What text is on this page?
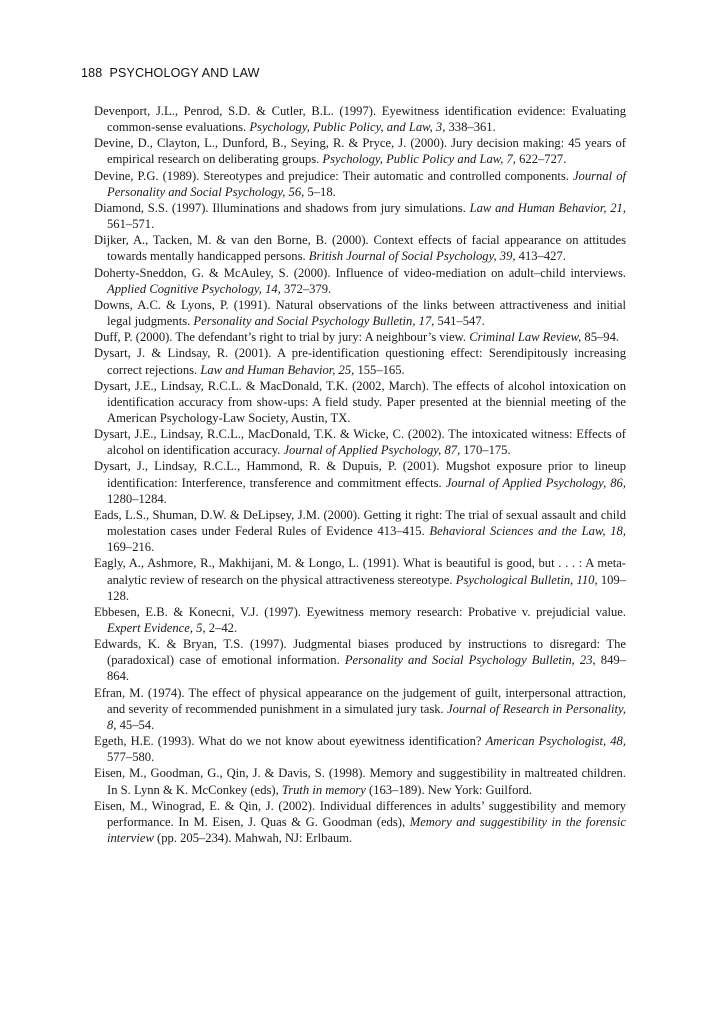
188 PSYCHOLOGY AND LAW
Devenport, J.L., Penrod, S.D. & Cutler, B.L. (1997). Eyewitness identification evidence: Evaluating common-sense evaluations. Psychology, Public Policy, and Law, 3, 338–361.
Devine, D., Clayton, L., Dunford, B., Seying, R. & Pryce, J. (2000). Jury decision making: 45 years of empirical research on deliberating groups. Psychology, Public Policy and Law, 7, 622–727.
Devine, P.G. (1989). Stereotypes and prejudice: Their automatic and controlled components. Journal of Personality and Social Psychology, 56, 5–18.
Diamond, S.S. (1997). Illuminations and shadows from jury simulations. Law and Human Behavior, 21, 561–571.
Dijker, A., Tacken, M. & van den Borne, B. (2000). Context effects of facial appearance on attitudes towards mentally handicapped persons. British Journal of Social Psychology, 39, 413–427.
Doherty-Sneddon, G. & McAuley, S. (2000). Influence of video-mediation on adult–child interviews. Applied Cognitive Psychology, 14, 372–379.
Downs, A.C. & Lyons, P. (1991). Natural observations of the links between attractiveness and initial legal judgments. Personality and Social Psychology Bulletin, 17, 541–547.
Duff, P. (2000). The defendant’s right to trial by jury: A neighbour’s view. Criminal Law Review, 85–94.
Dysart, J. & Lindsay, R. (2001). A pre-identification questioning effect: Serendipitously increasing correct rejections. Law and Human Behavior, 25, 155–165.
Dysart, J.E., Lindsay, R.C.L. & MacDonald, T.K. (2002, March). The effects of alcohol intoxication on identification accuracy from show-ups: A field study. Paper presented at the biennial meeting of the American Psychology-Law Society, Austin, TX.
Dysart, J.E., Lindsay, R.C.L., MacDonald, T.K. & Wicke, C. (2002). The intoxicated witness: Effects of alcohol on identification accuracy. Journal of Applied Psychology, 87, 170–175.
Dysart, J., Lindsay, R.C.L., Hammond, R. & Dupuis, P. (2001). Mugshot exposure prior to lineup identification: Interference, transference and commitment effects. Journal of Applied Psychology, 86, 1280–1284.
Eads, L.S., Shuman, D.W. & DeLipsey, J.M. (2000). Getting it right: The trial of sexual assault and child molestation cases under Federal Rules of Evidence 413–415. Behavioral Sciences and the Law, 18, 169–216.
Eagly, A., Ashmore, R., Makhijani, M. & Longo, L. (1991). What is beautiful is good, but . . . : A meta-analytic review of research on the physical attractiveness stereotype. Psychological Bulletin, 110, 109–128.
Ebbesen, E.B. & Konecni, V.J. (1997). Eyewitness memory research: Probative v. prejudicial value. Expert Evidence, 5, 2–42.
Edwards, K. & Bryan, T.S. (1997). Judgmental biases produced by instructions to disregard: The (paradoxical) case of emotional information. Personality and Social Psychology Bulletin, 23, 849–864.
Efran, M. (1974). The effect of physical appearance on the judgement of guilt, interpersonal attraction, and severity of recommended punishment in a simulated jury task. Journal of Research in Personality, 8, 45–54.
Egeth, H.E. (1993). What do we not know about eyewitness identification? American Psychologist, 48, 577–580.
Eisen, M., Goodman, G., Qin, J. & Davis, S. (1998). Memory and suggestibility in maltreated children. In S. Lynn & K. McConkey (eds), Truth in memory (163–189). New York: Guilford.
Eisen, M., Winograd, E. & Qin, J. (2002). Individual differences in adults’ suggestibility and memory performance. In M. Eisen, J. Quas & G. Goodman (eds), Memory and suggestibility in the forensic interview (pp. 205–234). Mahwah, NJ: Erlbaum.
